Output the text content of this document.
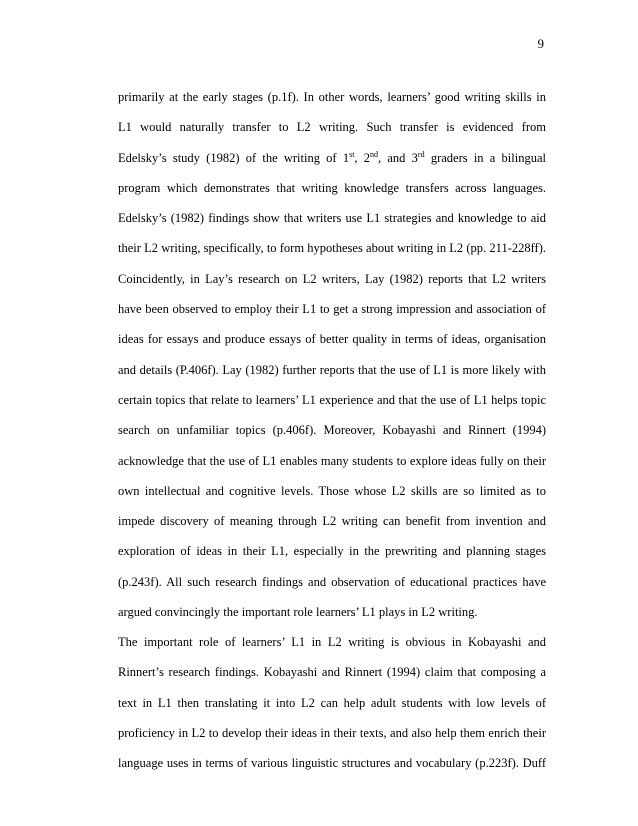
9
primarily at the early stages (p.1f). In other words, learners’ good writing skills in
L1 would naturally transfer to L2 writing. Such transfer is evidenced from
Edelsky’s study (1982) of the writing of 1st, 2nd, and 3rd graders in a bilingual
program which demonstrates that writing knowledge transfers across languages.
Edelsky’s (1982) findings show that writers use L1 strategies and knowledge to aid
their L2 writing, specifically, to form hypotheses about writing in L2 (pp. 211-228ff).
Coincidently, in Lay’s research on L2 writers, Lay (1982) reports that L2 writers
have been observed to employ their L1 to get a strong impression and association of
ideas for essays and produce essays of better quality in terms of ideas, organisation
and details (P.406f). Lay (1982) further reports that the use of L1 is more likely with
certain topics that relate to learners’ L1 experience and that the use of L1 helps topic
search on unfamiliar topics (p.406f). Moreover, Kobayashi and Rinnert (1994)
acknowledge that the use of L1 enables many students to explore ideas fully on their
own intellectual and cognitive levels. Those whose L2 skills are so limited as to
impede discovery of meaning through L2 writing can benefit from invention and
exploration of ideas in their L1, especially in the prewriting and planning stages
(p.243f). All such research findings and observation of educational practices have
argued convincingly the important role learners’ L1 plays in L2 writing.
The important role of learners’ L1 in L2 writing is obvious in Kobayashi and
Rinnert’s research findings. Kobayashi and Rinnert (1994) claim that composing a
text in L1 then translating it into L2 can help adult students with low levels of
proficiency in L2 to develop their ideas in their texts, and also help them enrich their
language uses in terms of various linguistic structures and vocabulary (p.223f). Duff
